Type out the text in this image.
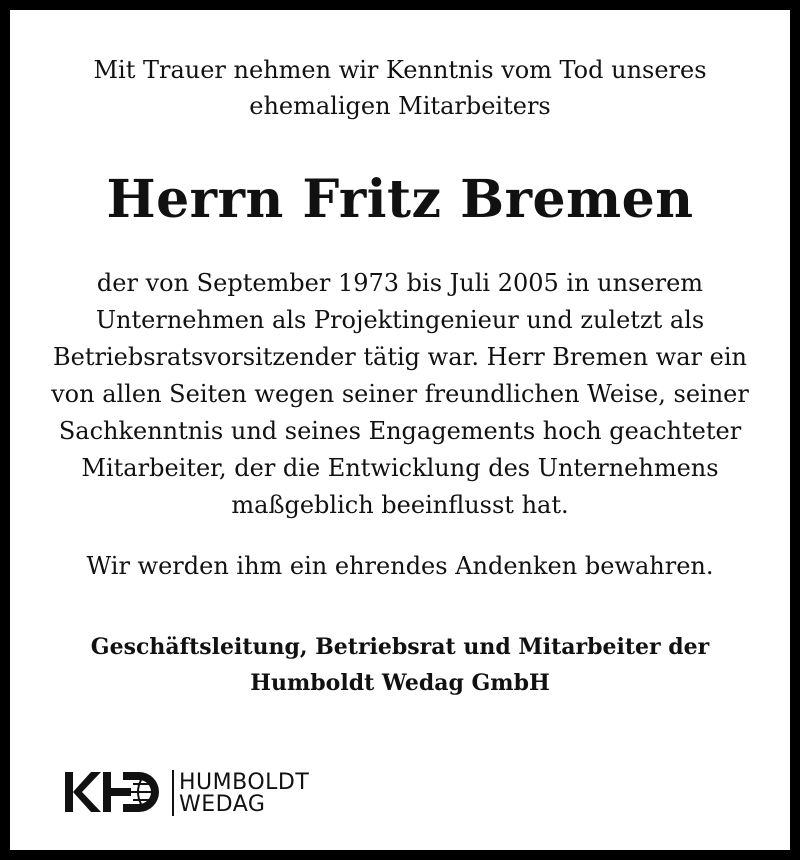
Mit Trauer nehmen wir Kenntnis vom Tod unseres
ehemaligen Mitarbeiters
Herrn Fritz Bremen
der von September 1973 bis Juli 2005 in unserem
Unternehmen als Projektingenieur und zuletzt als
Betriebsratsvorsitzender tätig war. Herr Bremen war ein
von allen Seiten wegen seiner freundlichen Weise, seiner
Sachkenntnis und seines Engagements hoch geachteter
Mitarbeiter, der die Entwicklung des Unternehmens
maßgeblich beeinflusst hat.
Wir werden ihm ein ehrendes Andenken bewahren.
Geschäftsleitung, Betriebsrat und Mitarbeiter der
Humboldt Wedag GmbH
HUMBOLDT
WEDAG
